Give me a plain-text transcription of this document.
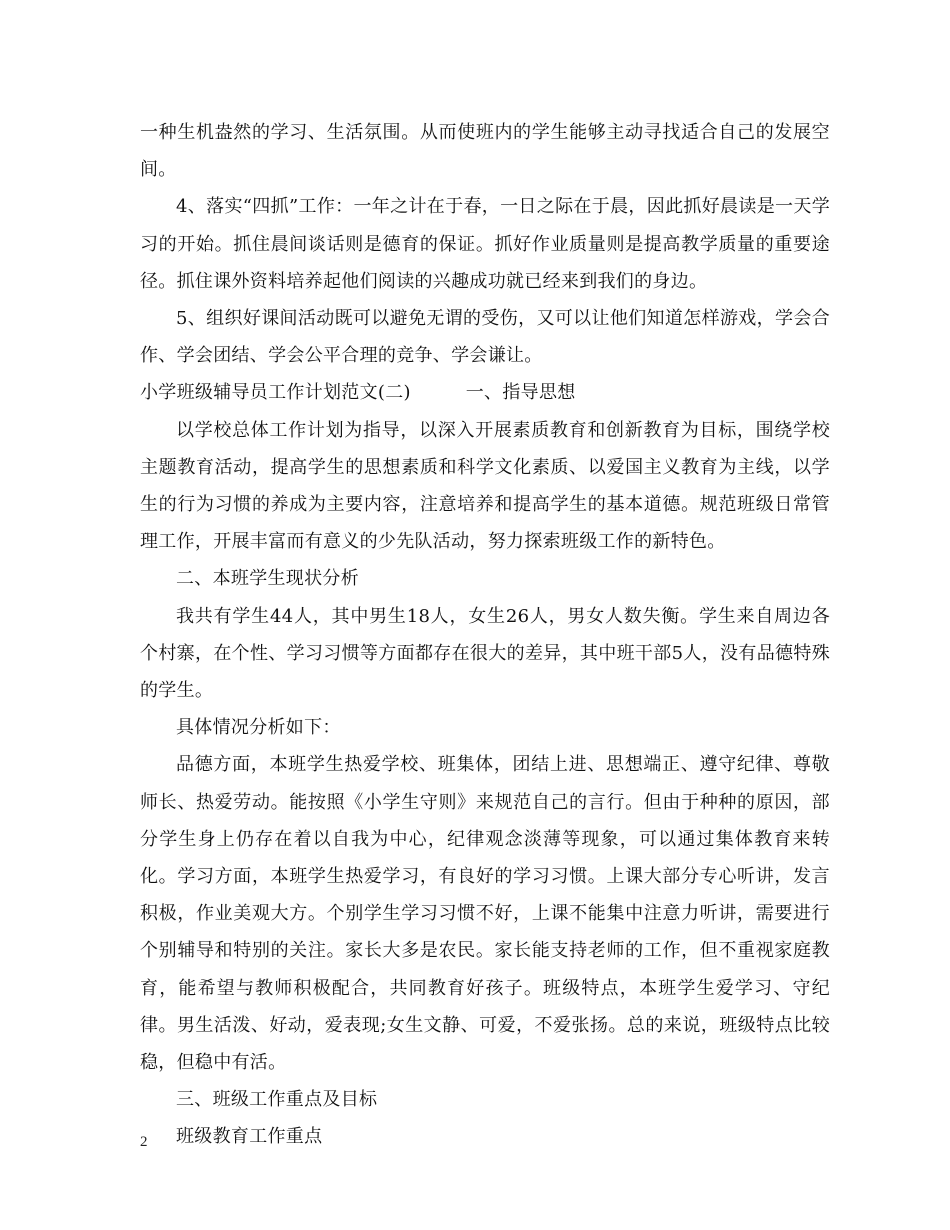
一种生机盎然的学习、生活氛围。从而使班内的学生能够主动寻找适合自己的发展空间。

4、落实“四抓”工作：一年之计在于春，一日之际在于晨，因此抓好晨读是一天学习的开始。抓住晨间谈话则是德育的保证。抓好作业质量则是提高教学质量的重要途径。抓住课外资料培养起他们阅读的兴趣成功就已经来到我们的身边。

5、组织好课间活动既可以避免无谓的受伤，又可以让他们知道怎样游戏，学会合作、学会团结、学会公平合理的竞争、学会谦让。

小学班级辅导员工作计划范文(二)　　　一、指导思想

以学校总体工作计划为指导，以深入开展素质教育和创新教育为目标，围绕学校主题教育活动，提高学生的思想素质和科学文化素质、以爱国主义教育为主线，以学生的行为习惯的养成为主要内容，注意培养和提高学生的基本道德。规范班级日常管理工作，开展丰富而有意义的少先队活动，努力探索班级工作的新特色。

二、本班学生现状分析

我共有学生44人，其中男生18人，女生26人，男女人数失衡。学生来自周边各个村寨，在个性、学习习惯等方面都存在很大的差异，其中班干部5人，没有品德特殊的学生。

具体情况分析如下：

品德方面，本班学生热爱学校、班集体，团结上进、思想端正、遵守纪律、尊敬师长、热爱劳动。能按照《小学生守则》来规范自己的言行。但由于种种的原因，部分学生身上仍存在着以自我为中心，纪律观念淡薄等现象，可以通过集体教育来转化。学习方面，本班学生热爱学习，有良好的学习习惯。上课大部分专心听讲，发言积极，作业美观大方。个别学生学习习惯不好，上课不能集中注意力听讲，需要进行个别辅导和特别的关注。家长大多是农民。家长能支持老师的工作，但不重视家庭教育，能希望与教师积极配合，共同教育好孩子。班级特点，本班学生爱学习、守纪律。男生活泼、好动，爱表现;女生文静、可爱，不爱张扬。总的来说，班级特点比较稳，但稳中有活。

三、班级工作重点及目标

班级教育工作重点

2
